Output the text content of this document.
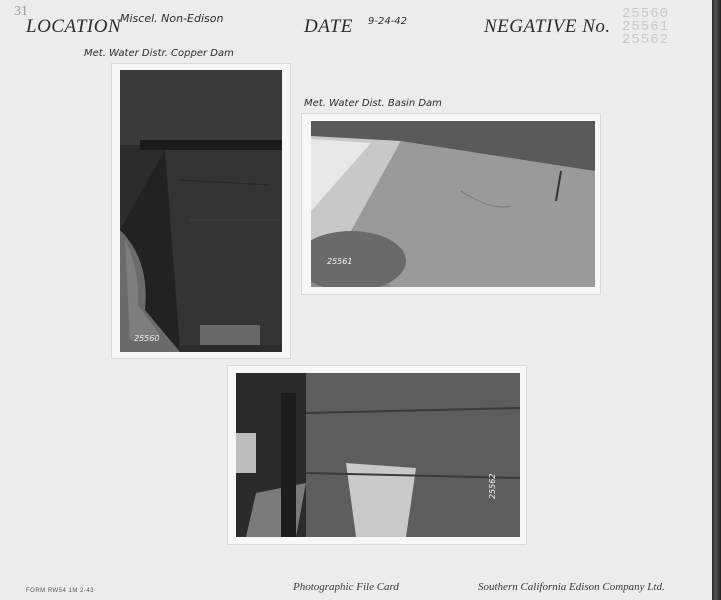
31
LOCATION
Miscel. Non-Edison	DATE 9-24-42	NEGATIVE No.
25560
25561
25562
Met. Water Distr. Copper Dam
25560
Met. Water Dist. Basin Dam
25561
25562
FORM RW54 1M 2-43	Photographic File Card	Southern California Edison Company Ltd.
